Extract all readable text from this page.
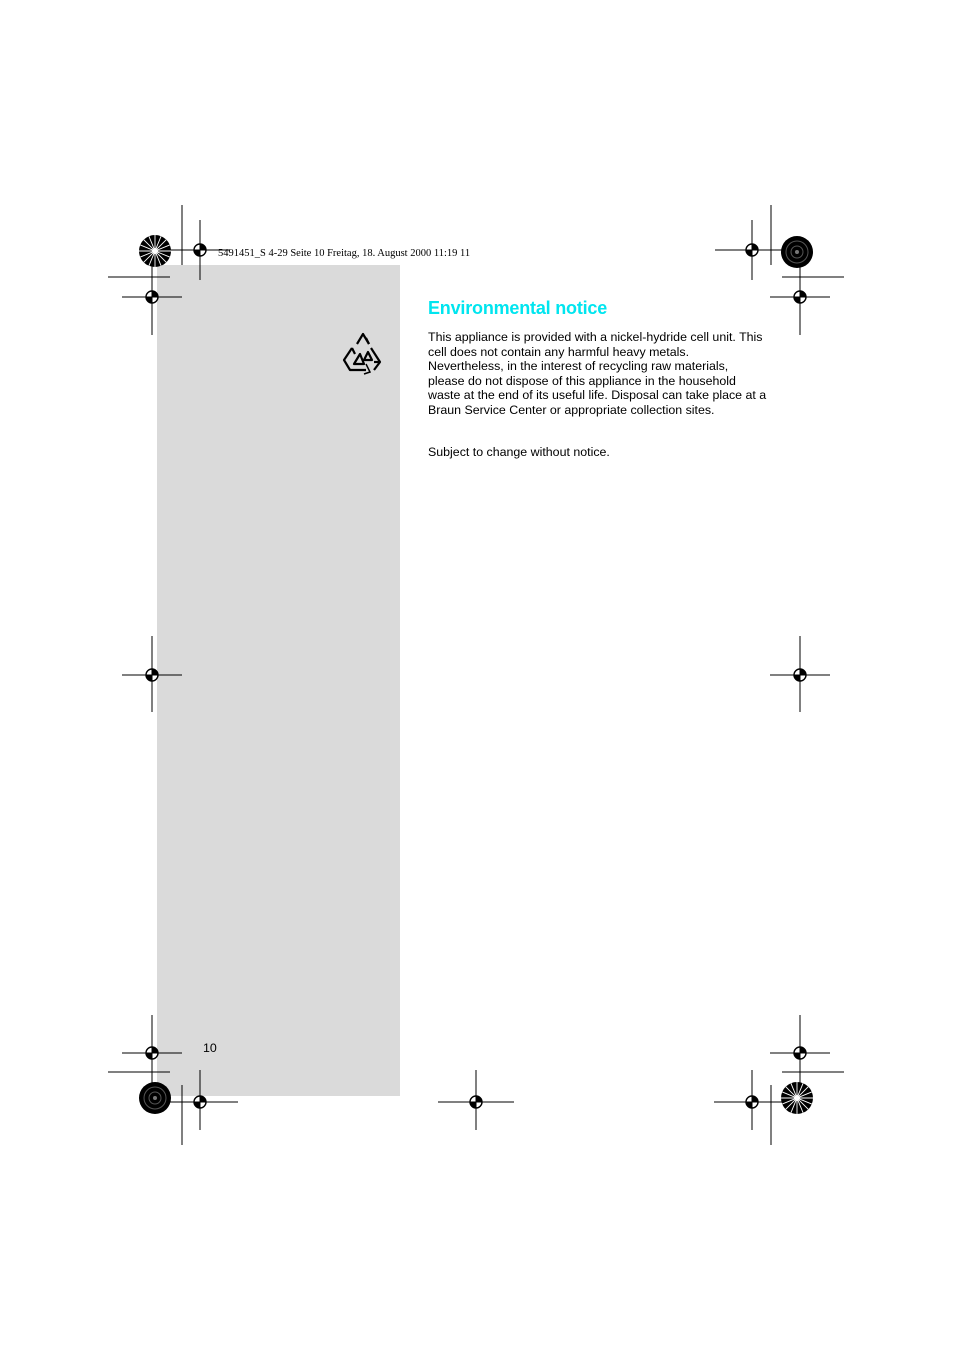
5491451_S 4-29 Seite 10 Freitag, 18. August 2000 11:19 11
Environmental notice

This appliance is provided with a nickel-hydride cell unit. This cell does not contain any harmful heavy metals. Nevertheless, in the interest of recycling raw materials, please do not dispose of this appliance in the household waste at the end of its useful life. Disposal can take place at a Braun Service Center or appropriate collection sites.

Subject to change without notice.

10
